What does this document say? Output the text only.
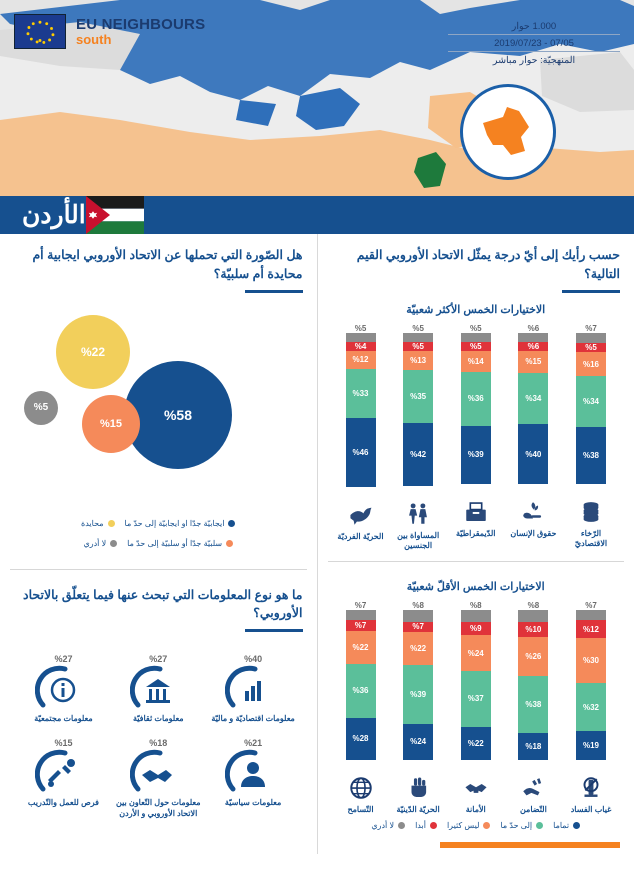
EU NEIGHBOURS
south
1.000 حوار
07/05 - 2019/07/23
المنهجيّة: حوار مباشر
الأردن
حسب رأيك إلى أيّ درجة يمثّل الاتحاد الأوروبي القيم التالية؟
الاختيارات الخمس الأكثر شعبيّة
%7
%5
%16
%34
%38
الرّخاء الاقتصاديّ
%6
%6
%15
%34
%40
حقوق الإنسان
%5
%5
%14
%36
%39
الدّيمقراطيّة
%5
%5
%13
%35
%42
المساواة بين الجنسين
%5
%4
%12
%33
%46
الحريّة الفرديّة
الاختيارات الخمس الأقلّ شعبيّة
%7
%12
%30
%32
%19
غياب الفساد
%8
%10
%26
%38
%18
التّضامن
%8
%9
%24
%37
%22
الأمانة
%8
%7
%22
%39
%24
الحريّة الدّينيّة
%7
%7
%22
%36
%28
التّسامح
تماما
إلى حدّ ما
ليس كثيرا
أبدا
لا أدري
هل الصّورة التي تحملها عن الاتحاد الأوروبي ايجابية أم محايدة أم سلبيّة؟
%58
%22
%15
%5
ايجابيّة جدّا او ايجابيّة إلى حدّ ما
محايدة
سلبيّة جدّا أو سلبيّة إلى حدّ ما
لا أدري
ما هو نوع المعلومات التي تبحث عنها فيما يتعلّق بالاتحاد الأوروبي؟
%40
معلومات اقتصاديّة و ماليّة
%27
معلومات ثقافيّة
%27
معلومات مجتمعيّة
%21
معلومات سياسيّة
%18
معلومات حول التّعاون بين الاتحاد الأوروبي و الأردن
%15
فرص للعمل والتّدريب
